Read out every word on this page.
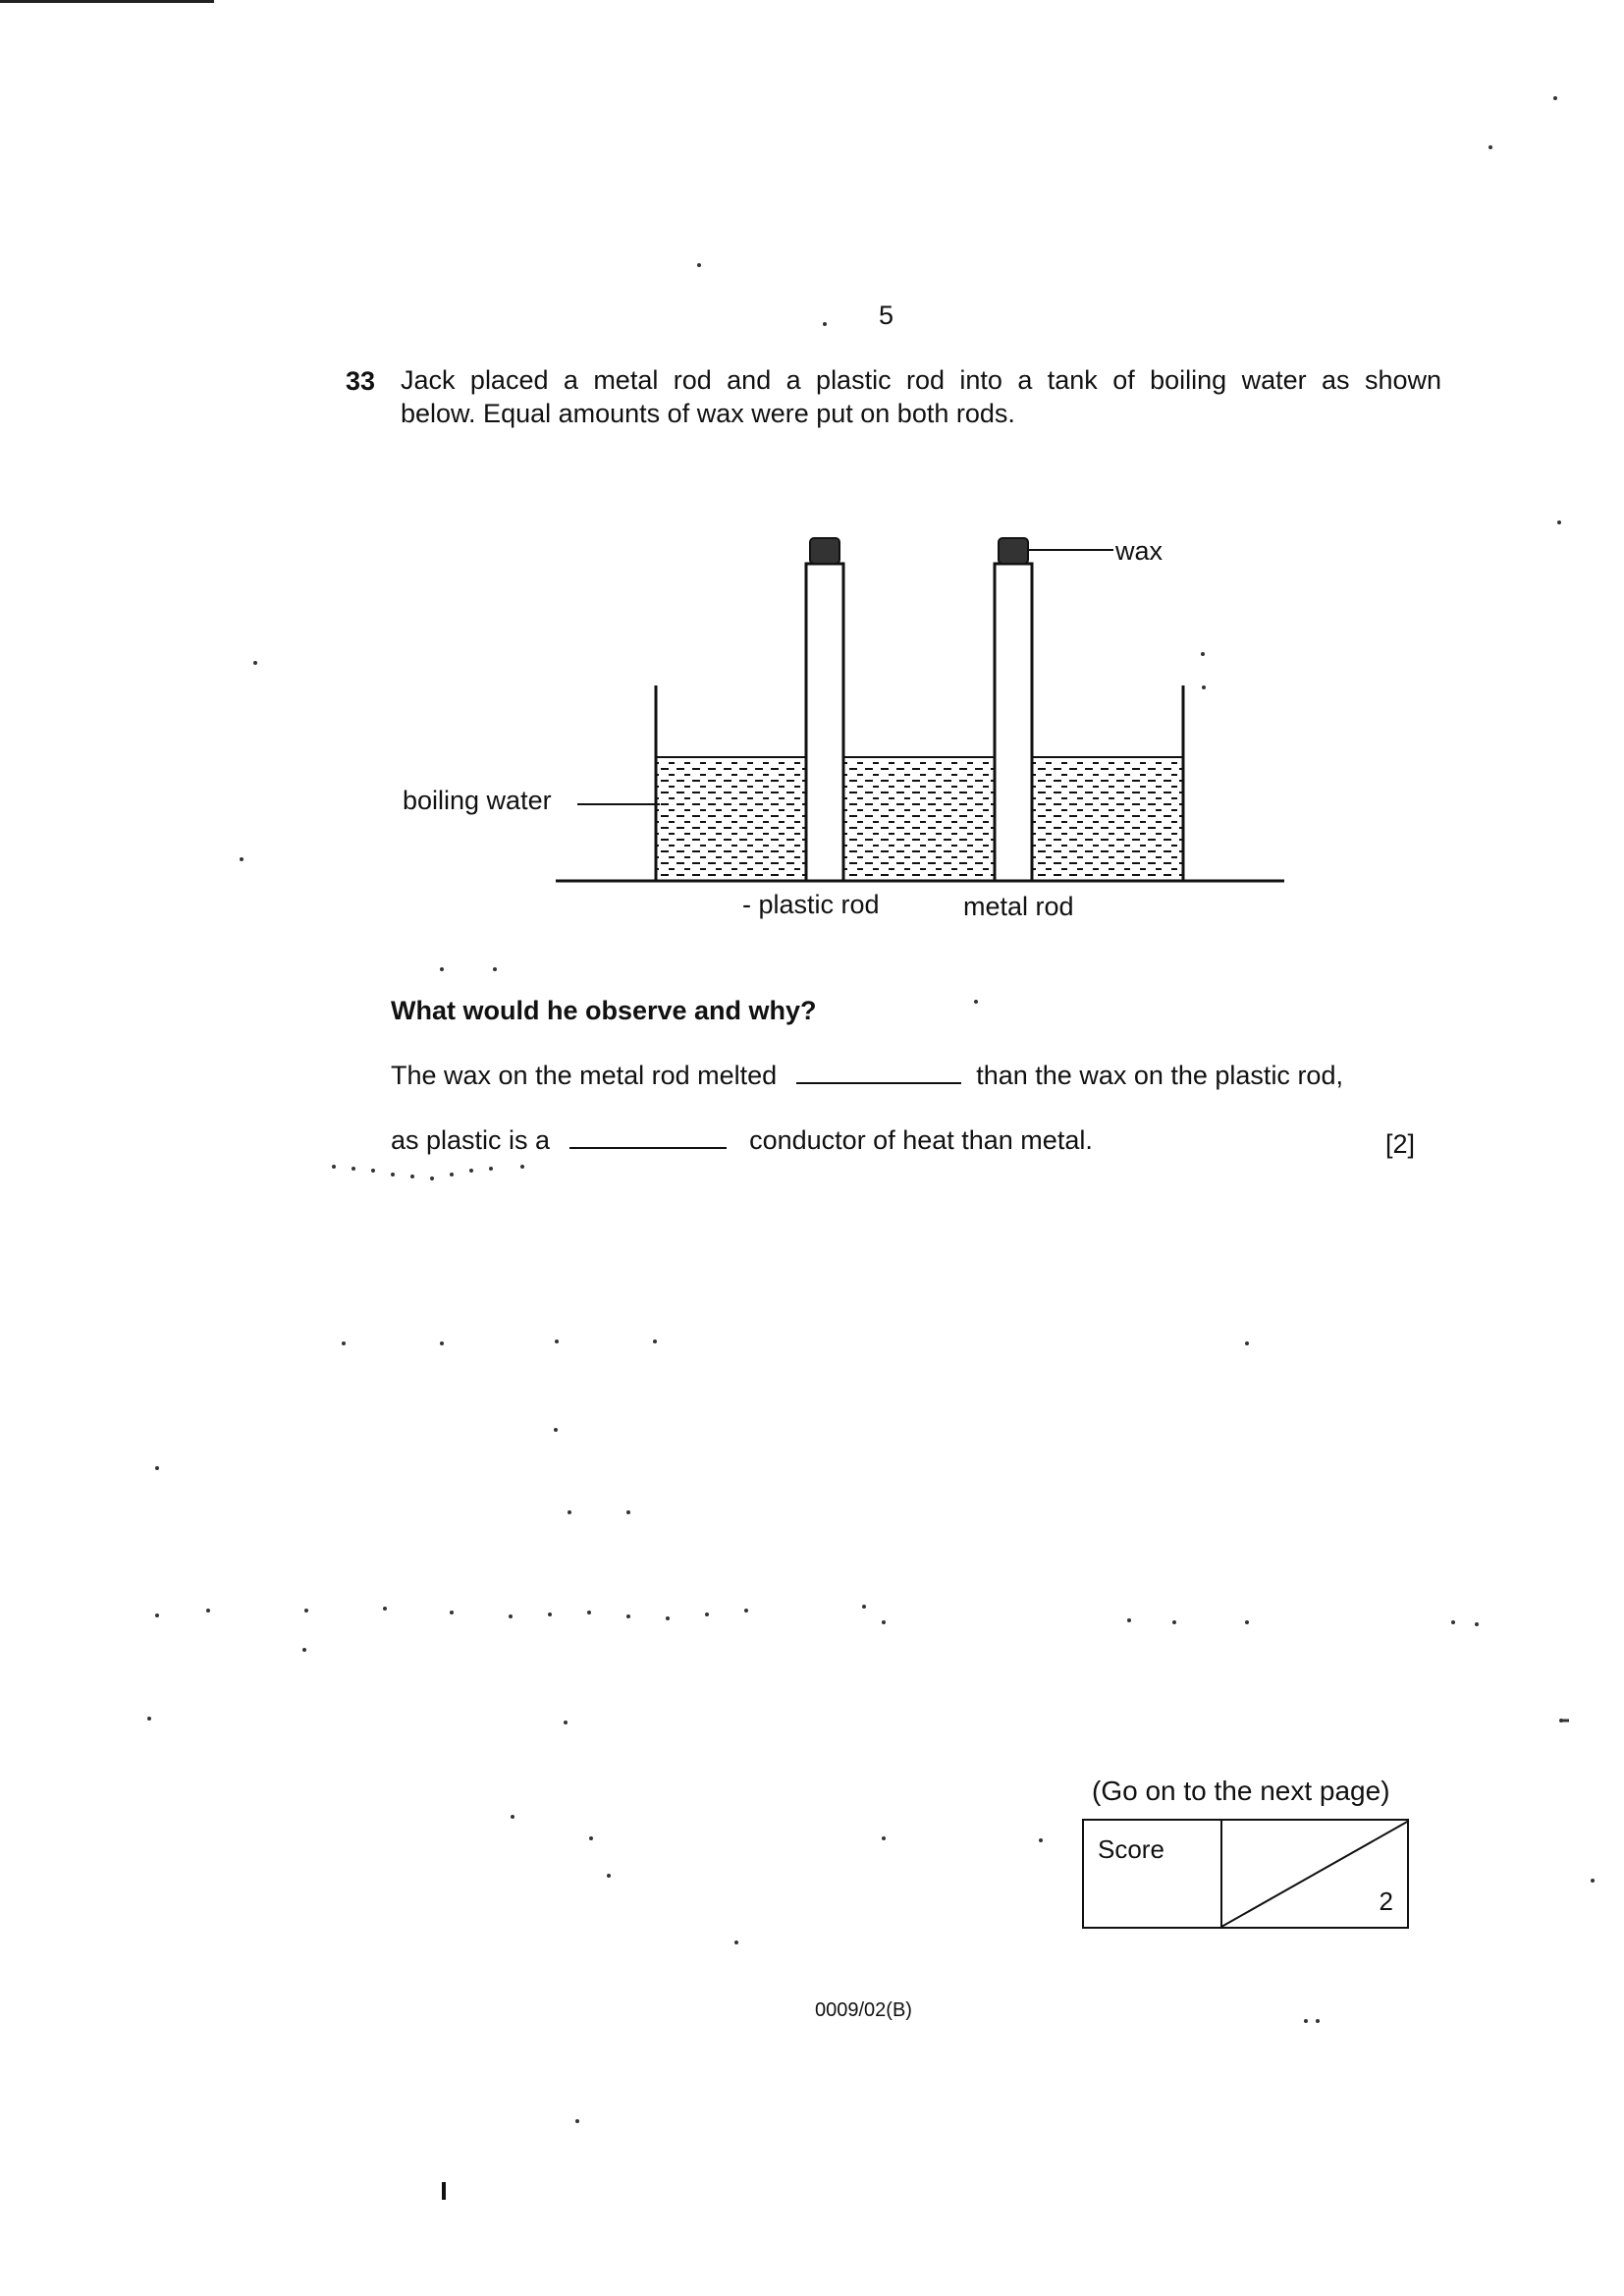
5
33 Jack placed a metal rod and a plastic rod into a tank of boiling water as shown

below. Equal amounts of wax were put on both rods.

wax
boiling water
- plastic rod	metal rod
What would he observe and why?
The wax on the metal rod melted	than the wax on the plastic rod,
as plastic is a	conductor of heat than metal.	[2]
(Go on to the next page)
Score
2
0009/02(B)
